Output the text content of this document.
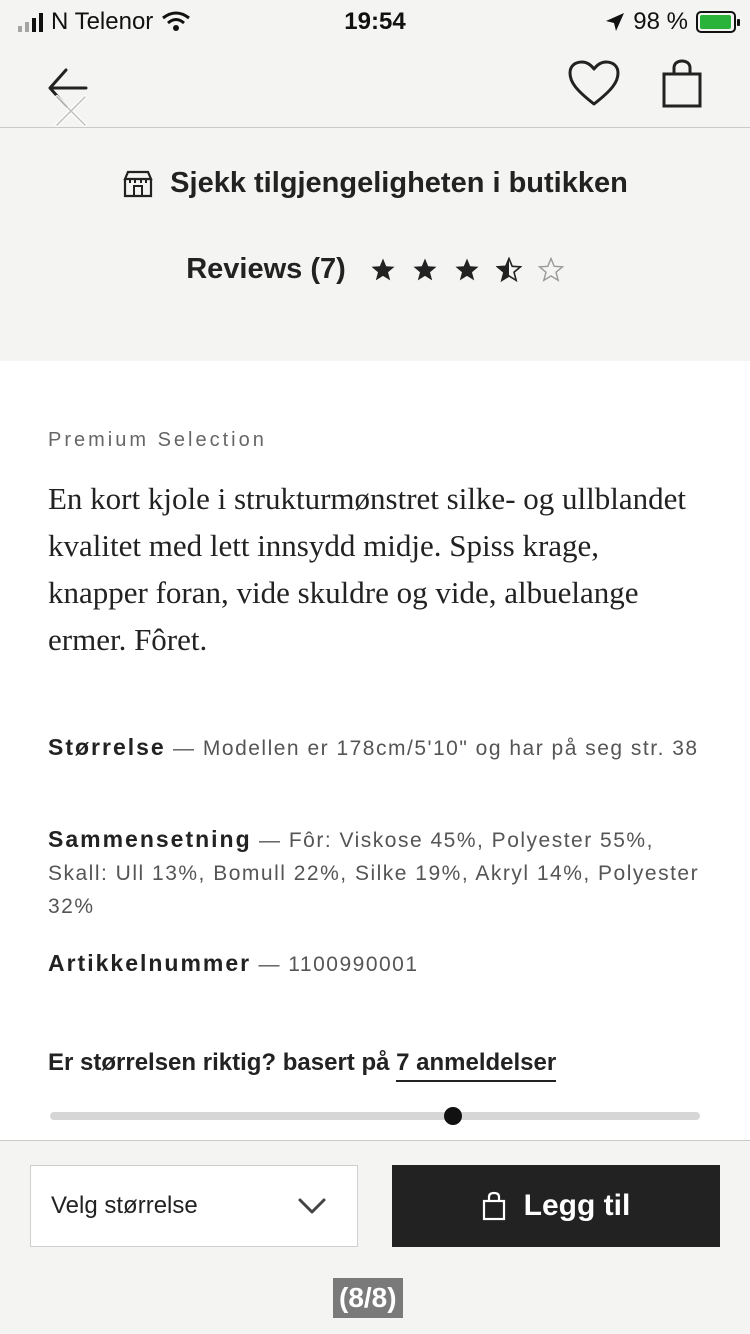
N Telenor	19:54	98 %
Sjekk tilgjengeligheten i butikken
Reviews (7)
Premium Selection
En kort kjole i strukturmønstret silke- og ullblandet kvalitet med lett innsydd midje. Spiss krage, knapper foran, vide skuldre og vide, albuelange ermer. Fôret.
Størrelse — Modellen er 178cm/5'10" og har på seg str. 38
Sammensetning — Fôr: Viskose 45%, Polyester 55%, Skall: Ull 13%, Bomull 22%, Silke 19%, Akryl 14%, Polyester 32%
Artikkelnummer — 1100990001
Er størrelsen riktig? basert på 7 anmeldelser
Velg størrelse	Legg til
(8/8)
